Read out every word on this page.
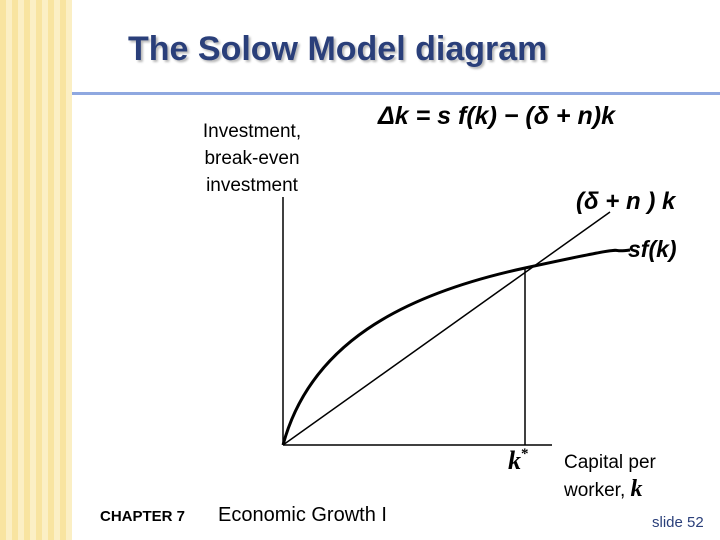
The Solow Model diagram
Investment, break-even investment
Δk = s f(k) − (δ + n)k
(δ + n ) k
sf(k)
k* Capital per worker, k
CHAPTER 7 Economic Growth I	slide 52
